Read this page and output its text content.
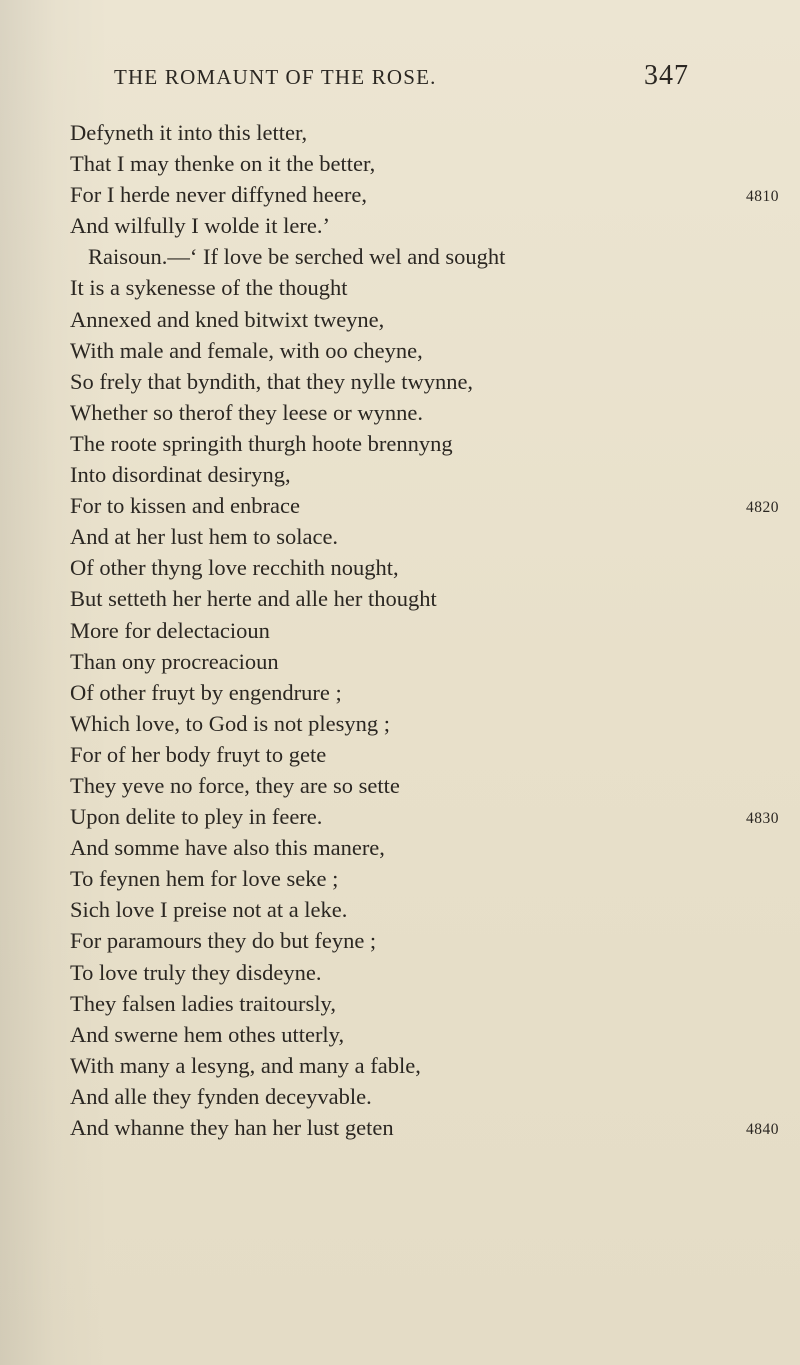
THE ROMAUNT OF THE ROSE.	347
Defyneth it into this letter,
That I may thenke on it the better,
For I herde never diffyned heere,	4810
And wilfully I wolde it lere.’
Raisoun.—‘ If love be serched wel and sought
It is a sykenesse of the thought
Annexed and kned bitwixt tweyne,
With male and female, with oo cheyne,
So frely that byndith, that they nylle twynne,
Whether so therof they leese or wynne.
The roote springith thurgh hoote brennyng
Into disordinat desiryng,
For to kissen and enbrace	4820
And at her lust hem to solace.
Of other thyng love recchith nought,
But setteth her herte and alle her thought
More for delectacioun
Than ony procreacioun
Of other fruyt by engendrure ;
Which love, to God is not plesyng ;
For of her body fruyt to gete
They yeve no force, they are so sette
Upon delite to pley in feere.	4830
And somme have also this manere,
To feynen hem for love seke ;
Sich love I preise not at a leke.
For paramours they do but feyne ;
To love truly they disdeyne.
They falsen ladies traitoursly,
And swerne hem othes utterly,
With many a lesyng, and many a fable,
And alle they fynden deceyvable.
And whanne they han her lust geten	4840
